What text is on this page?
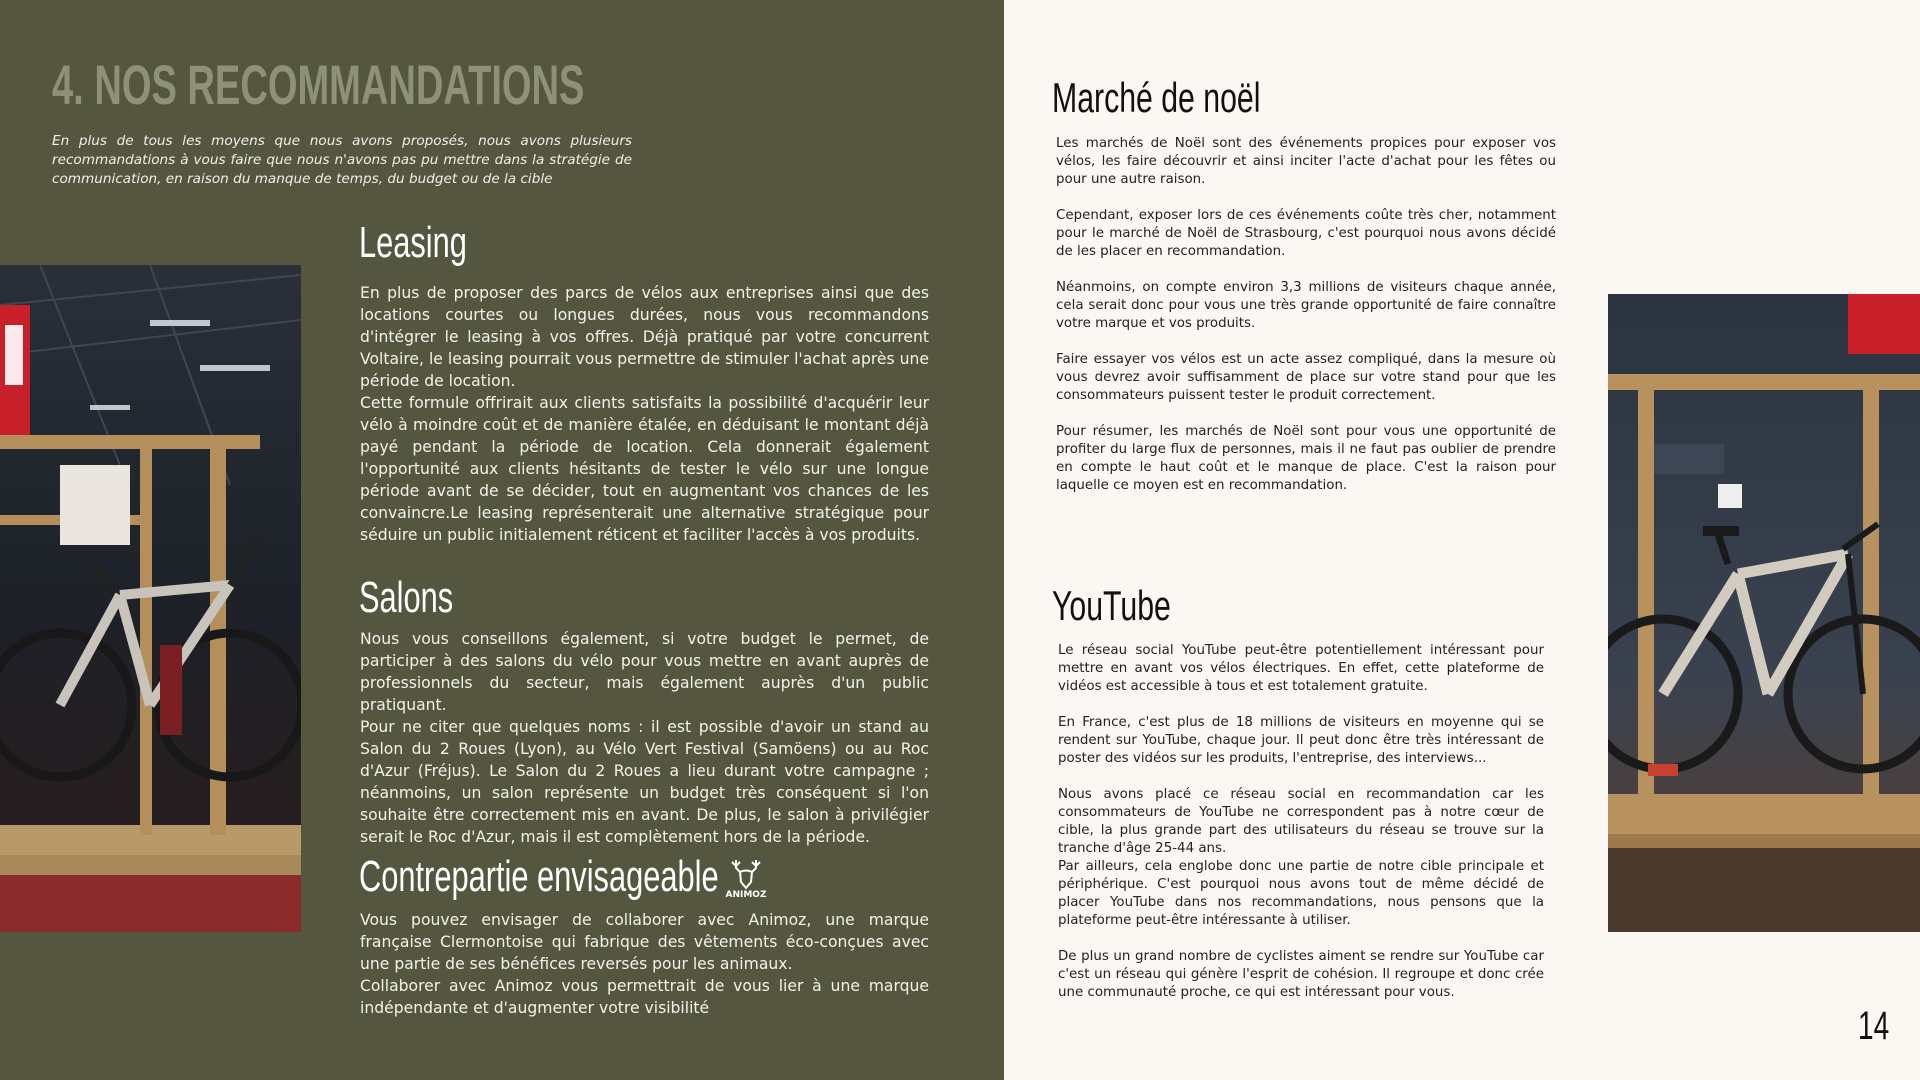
4. NOS RECOMMANDATIONS
En plus de tous les moyens que nous avons proposés, nous avons plusieurs recommandations à vous faire que nous n'avons pas pu mettre dans la stratégie de communication, en raison du manque de temps, du budget ou de la cible
Leasing

En plus de proposer des parcs de vélos aux entreprises ainsi que des locations courtes ou longues durées, nous vous recommandons d'intégrer le leasing à vos offres. Déjà pratiqué par votre concurrent Voltaire, le leasing pourrait vous permettre de stimuler l'achat après une période de location.

Cette formule offrirait aux clients satisfaits la possibilité d'acquérir leur vélo à moindre coût et de manière étalée, en déduisant le montant déjà payé pendant la période de location. Cela donnerait également l'opportunité aux clients hésitants de tester le vélo sur une longue période avant de se décider, tout en augmentant vos chances de les convaincre.Le leasing représenterait une alternative stratégique pour séduire un public initialement réticent et faciliter l'accès à vos produits.

Salons

Nous vous conseillons également, si votre budget le permet, de participer à des salons du vélo pour vous mettre en avant auprès de professionnels du secteur, mais également auprès d'un public pratiquant.

Pour ne citer que quelques noms : il est possible d'avoir un stand au Salon du 2 Roues (Lyon), au Vélo Vert Festival (Samöens) ou au Roc d'Azur (Fréjus). Le Salon du 2 Roues a lieu durant votre campagne ; néanmoins, un salon représente un budget très conséquent si l'on souhaite être correctement mis en avant. De plus, le salon à privilégier serait le Roc d'Azur, mais il est complètement hors de la période.

Contrepartie envisageable ANIMOZ

Vous pouvez envisager de collaborer avec Animoz, une marque française Clermontoise qui fabrique des vêtements éco-conçues avec une partie de ses bénéfices reversés pour les animaux.

Collaborer avec Animoz vous permettrait de vous lier à une marque indépendante et d'augmenter votre visibilité

Marché de noël

Les marchés de Noël sont des événements propices pour exposer vos vélos, les faire découvrir et ainsi inciter l'acte d'achat pour les fêtes ou pour une autre raison.

Cependant, exposer lors de ces événements coûte très cher, notamment pour le marché de Noël de Strasbourg, c'est pourquoi nous avons décidé de les placer en recommandation.

Néanmoins, on compte environ 3,3 millions de visiteurs chaque année, cela serait donc pour vous une très grande opportunité de faire connaître votre marque et vos produits.

Faire essayer vos vélos est un acte assez compliqué, dans la mesure où vous devrez avoir suffisamment de place sur votre stand pour que les consommateurs puissent tester le produit correctement.

Pour résumer, les marchés de Noël sont pour vous une opportunité de profiter du large flux de personnes, mais il ne faut pas oublier de prendre en compte le haut coût et le manque de place. C'est la raison pour laquelle ce moyen est en recommandation.

YouTube

Le réseau social YouTube peut-être potentiellement intéressant pour mettre en avant vos vélos électriques. En effet, cette plateforme de vidéos est accessible à tous et est totalement gratuite.

En France, c'est plus de 18 millions de visiteurs en moyenne qui se rendent sur YouTube, chaque jour. Il peut donc être très intéressant de poster des vidéos sur les produits, l'entreprise, des interviews...

Nous avons placé ce réseau social en recommandation car les consommateurs de YouTube ne correspondent pas à notre cœur de cible, la plus grande part des utilisateurs du réseau se trouve sur la tranche d'âge 25-44 ans.

Par ailleurs, cela englobe donc une partie de notre cible principale et périphérique. C'est pourquoi nous avons tout de même décidé de placer YouTube dans nos recommandations, nous pensons que la plateforme peut-être intéressante à utiliser.

De plus un grand nombre de cyclistes aiment se rendre sur YouTube car c'est un réseau qui génère l'esprit de cohésion. Il regroupe et donc crée une communauté proche, ce qui est intéressant pour vous.

14
